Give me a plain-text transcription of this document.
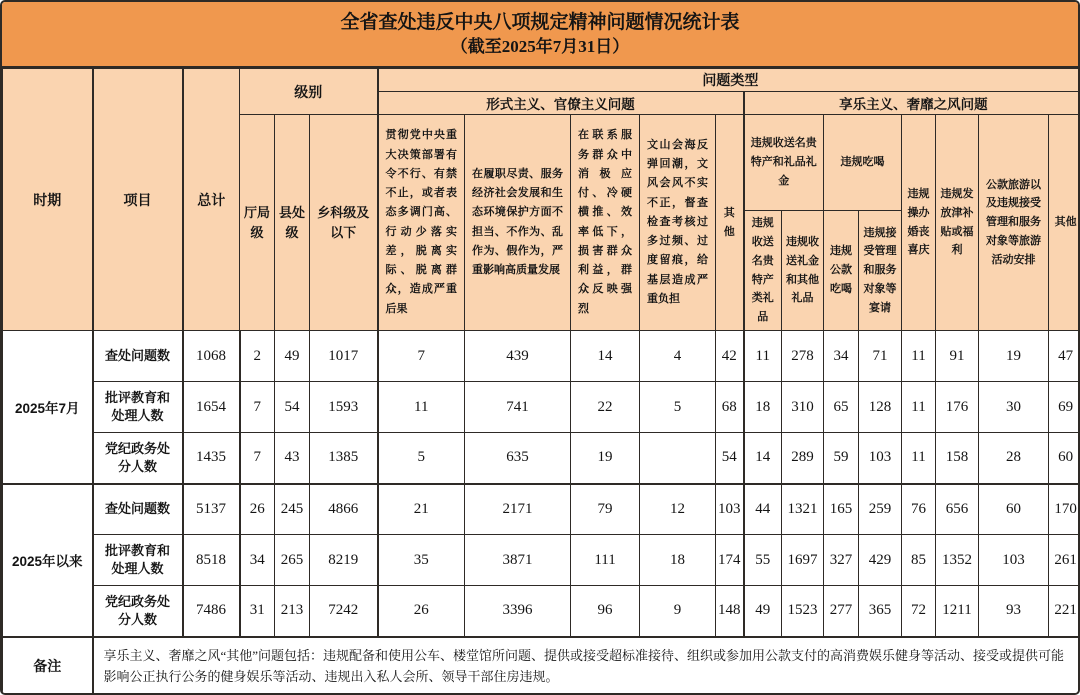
全省查处违反中央八项规定精神问题情况统计表
（截至2025年7月31日）
时期	项目	总计	级别			问题类型												
						形式主义、官僚主义问题					享乐主义、奢靡之风问题							
			厅局级	县处级	乡科级及以下	贯彻党中央重大决策部署有令不行、有禁不止，或者表态多调门高、行动少落实差，脱离实际、脱离群众，造成严重后果	在履职尽责、服务经济社会发展和生态环境保护方面不担当、不作为、乱作为、假作为，严重影响高质量发展	在联系服务群众中消极应付、冷硬横推、效率低下，损害群众利益，群众反映强烈	文山会海反弹回潮，文风会风不实不正，督查检查考核过多过频、过度留痕，给基层造成严重负担	其他	违规收送名贵特产和礼品礼金		违规吃喝		违规操办婚丧喜庆	违规发放津补贴或福利	公款旅游以及违规接受管理和服务对象等旅游活动安排	其他
											违规收送名贵特产类礼品	违规收送礼金和其他礼品	违规公款吃喝	违规接受管理和服务对象等宴请				
2025年7月	查处问题数	1068	2	49	1017	7	439	14	4	42	11	278	34	71	11	91	19	47
	批评教育和处理人数	1654	7	54	1593	11	741	22	5	68	18	310	65	128	11	176	30	69
	党纪政务处分人数	1435	7	43	1385	5	635	19		54	14	289	59	103	11	158	28	60
2025年以来	查处问题数	5137	26	245	4866	21	2171	79	12	103	44	1321	165	259	76	656	60	170
	批评教育和处理人数	8518	34	265	8219	35	3871	111	18	174	55	1697	327	429	85	1352	103	261
	党纪政务处分人数	7486	31	213	7242	26	3396	96	9	148	49	1523	277	365	72	1211	93	221
备注	享乐主义、奢靡之风“其他”问题包括：违规配备和使用公车、楼堂馆所问题、提供或接受超标准接待、组织或参加用公款支付的高消费娱乐健身等活动、接受或提供可能影响公正执行公务的健身娱乐等活动、违规出入私人会所、领导干部住房违规。																	
